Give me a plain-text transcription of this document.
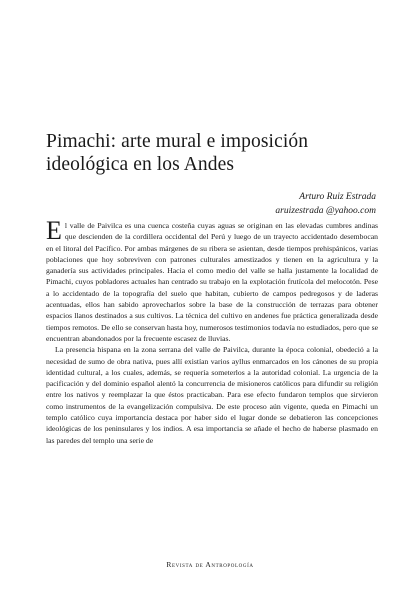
Pimachi: arte mural e imposición ideológica en los Andes
Arturo Ruiz Estrada
aruizestrada @yahoo.com

El valle de Paivilca es una cuenca costeña cuyas aguas se originan en las elevadas cumbres andinas que descienden de la cordillera occidental del Perú y luego de un trayecto accidentado desembocan en el litoral del Pacífico. Por ambas márgenes de su ribera se asientan, desde tiempos prehispánicos, varias poblaciones que hoy sobreviven con patrones culturales amestizados y tienen en la agricultura y la ganadería sus actividades principales. Hacia el como medio del valle se halla justamente la localidad de Pimachi, cuyos pobladores actuales han centrado su trabajo en la explotación frutícola del melocotón. Pese a lo accidentado de la topografía del suelo que habitan, cubierto de campos pedregosos y de laderas acentuadas, ellos han sabido aprovecharlos sobre la base de la construcción de terrazas para obtener espacios llanos destinados a sus cultivos. La técnica del cultivo en andenes fue práctica generalizada desde tiempos remotos. De ello se conservan hasta hoy, numerosos testimonios todavía no estudiados, pero que se encuentran abandonados por la frecuente escasez de lluvias.

La presencia hispana en la zona serrana del valle de Paivilca, durante la época colonial, obedeció a la necesidad de sumo de obra nativa, pues allí existían varios ayllus enmarcados en los cánones de su propia identidad cultural, a los cuales, además, se requería someterlos a la autoridad colonial. La urgencia de la pacificación y del dominio español alentó la concurrencia de misioneros católicos para difundir su religión entre los nativos y reemplazar la que éstos practicaban. Para ese efecto fundaron templos que sirvieron como instrumentos de la evangelización compulsiva. De este proceso aún vigente, queda en Pimachi un templo católico cuya importancia destaca por haber sido el lugar donde se debatieron las concepciones ideológicas de los peninsulares y los indios. A esa importancia se añade el hecho de haberse plasmado en las paredes del templo una serie de

Revista de Antropología
